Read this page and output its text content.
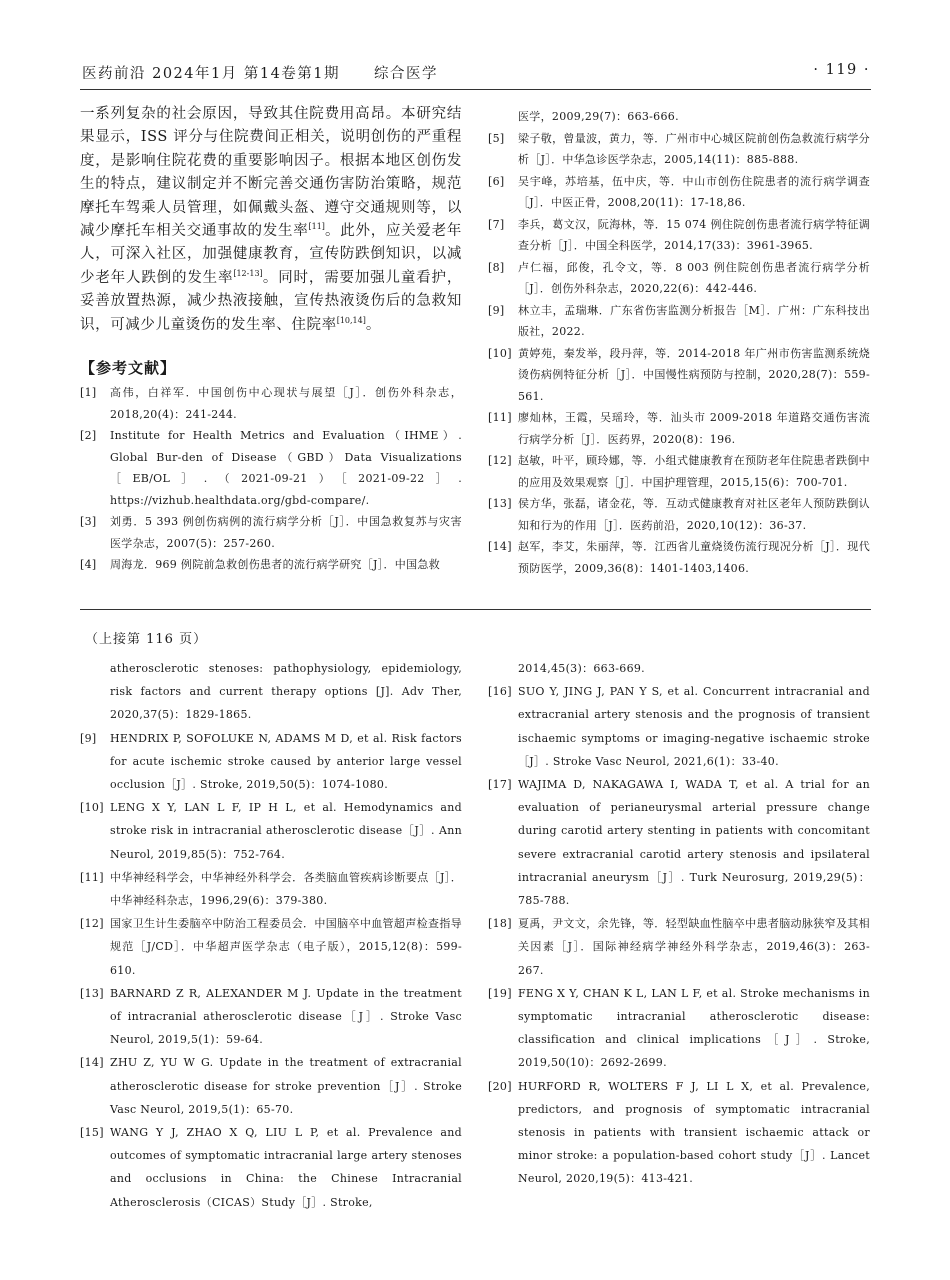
医药前沿 2024年1月 第14卷第1期 综合医学	· 119 ·

一系列复杂的社会原因，导致其住院费用高昂。本研究结果显示，ISS 评分与住院费间正相关，说明创伤的严重程度，是影响住院花费的重要影响因子。根据本地区创伤发生的特点，建议制定并不断完善交通伤害防治策略，规范摩托车驾乘人员管理，如佩戴头盔、遵守交通规则等，以减少摩托车相关交通事故的发生率[11]。此外，应关爱老年人，可深入社区，加强健康教育，宣传防跌倒知识，以减少老年人跌倒的发生率[12-13]。同时，需要加强儿童看护，妥善放置热源，减少热液接触，宣传热液烫伤后的急救知识，可减少儿童烫伤的发生率、住院率[10,14]。

【参考文献】

[1] 高伟，白祥军．中国创伤中心现状与展望［J］．创伤外科杂志，2018,20(4)：241-244.
[2] Institute for Health Metrics and Evaluation（IHME）. Global Bur-den of Disease（GBD）Data Visualizations［EB/OL］.（2021-09-21）［2021-09-22］. https://vizhub.healthdata.org/gbd-compare/.
[3] 刘勇．5 393 例创伤病例的流行病学分析［J］．中国急救复苏与灾害医学杂志，2007(5)：257-260.
[4] 周海龙．969 例院前急救创伤患者的流行病学研究［J］．中国急救
医学，2009,29(7)：663-666.
[5] 梁子敬，曾量波，黄力，等．广州市中心城区院前创伤急救流行病学分析［J］．中华急诊医学杂志，2005,14(11)：885-888.
[6] 吴宇峰，苏培基，伍中庆，等．中山市创伤住院患者的流行病学调查［J］．中医正骨，2008,20(11)：17-18,86.
[7] 李兵，葛文汉，阮海林，等．15 074 例住院创伤患者流行病学特征调查分析［J］．中国全科医学，2014,17(33)：3961-3965.
[8] 卢仁福，邱俊，孔令文，等．8 003 例住院创伤患者流行病学分析［J］．创伤外科杂志，2020,22(6)：442-446.
[9] 林立丰，孟瑞琳．广东省伤害监测分析报告［M］．广州：广东科技出版社，2022.
[10] 黄婷苑，秦发举，段丹萍，等．2014-2018 年广州市伤害监测系统烧烫伤病例特征分析［J］．中国慢性病预防与控制，2020,28(7)：559-561.
[11] 廖灿林，王霞，吴瑶玲，等．汕头市 2009-2018 年道路交通伤害流行病学分析［J］．医药界，2020(8)：196.
[12] 赵敏，叶平，顾玲娜，等．小组式健康教育在预防老年住院患者跌倒中的应用及效果观察［J］．中国护理管理，2015,15(6)：700-701.
[13] 侯方华，张磊，诸金花，等．互动式健康教育对社区老年人预防跌倒认知和行为的作用［J］．医药前沿，2020,10(12)：36-37.
[14] 赵军，李艾，朱丽萍，等．江西省儿童烧烫伤流行现况分析［J］．现代预防医学，2009,36(8)：1401-1403,1406.
（上接第 116 页）
atherosclerotic stenoses: pathophysiology, epidemiology, risk factors and current therapy options [J]. Adv Ther, 2020,37(5)：1829-1865.
[9] HENDRIX P, SOFOLUKE N, ADAMS M D, et al. Risk factors for acute ischemic stroke caused by anterior large vessel occlusion［J］. Stroke, 2019,50(5)：1074-1080.
[10] LENG X Y, LAN L F, IP H L, et al. Hemodynamics and stroke risk in intracranial atherosclerotic disease［J］. Ann Neurol, 2019,85(5)：752-764.
[11] 中华神经科学会，中华神经外科学会．各类脑血管疾病诊断要点［J］．中华神经科杂志，1996,29(6)：379-380.
[12] 国家卫生计生委脑卒中防治工程委员会．中国脑卒中血管超声检查指导规范［J/CD］．中华超声医学杂志（电子版），2015,12(8)：599-610.
[13] BARNARD Z R, ALEXANDER M J. Update in the treatment of intracranial atherosclerotic disease［J］. Stroke Vasc Neurol, 2019,5(1)：59-64.
[14] ZHU Z, YU W G. Update in the treatment of extracranial atherosclerotic disease for stroke prevention［J］. Stroke Vasc Neurol, 2019,5(1)：65-70.
[15] WANG Y J, ZHAO X Q, LIU L P, et al. Prevalence and outcomes of symptomatic intracranial large artery stenoses and occlusions in China: the Chinese Intracranial Atherosclerosis（CICAS）Study［J］. Stroke,
2014,45(3)：663-669.
[16] SUO Y, JING J, PAN Y S, et al. Concurrent intracranial and extracranial artery stenosis and the prognosis of transient ischaemic symptoms or imaging-negative ischaemic stroke［J］. Stroke Vasc Neurol, 2021,6(1)：33-40.
[17] WAJIMA D, NAKAGAWA I, WADA T, et al. A trial for an evaluation of perianeurysmal arterial pressure change during carotid artery stenting in patients with concomitant severe extracranial carotid artery stenosis and ipsilateral intracranial aneurysm［J］. Turk Neurosurg, 2019,29(5)：785-788.
[18] 夏禹，尹文文，余先锋，等．轻型缺血性脑卒中患者脑动脉狭窄及其相关因素［J］．国际神经病学神经外科学杂志，2019,46(3)：263-267.
[19] FENG X Y, CHAN K L, LAN L F, et al. Stroke mechanisms in symptomatic intracranial atherosclerotic disease: classification and clinical implications［J］. Stroke, 2019,50(10)：2692-2699.
[20] HURFORD R, WOLTERS F J, LI L X, et al. Prevalence, predictors, and prognosis of symptomatic intracranial stenosis in patients with transient ischaemic attack or minor stroke: a population-based cohort study［J］. Lancet Neurol, 2020,19(5)：413-421.
